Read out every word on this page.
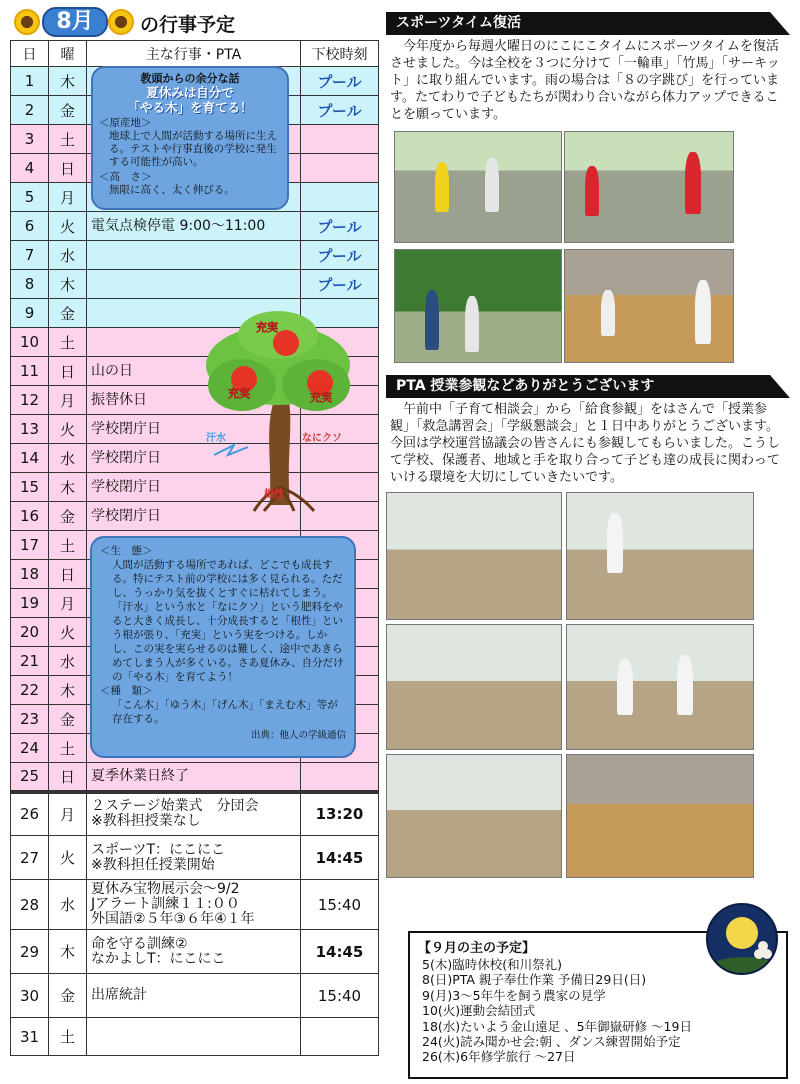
8月	の行事予定
日	曜	主な行事・PTA	下校時刻
1	木		プール
2	金		プール
3	土		
4	日		
5	月		
6	火	電気点検停電 9:00～11:00	プール
7	水		プール
8	木		プール
9	金		
10	土		
11	日	山の日	
12	月	振替休日	
13	火	学校閉庁日	
14	水	学校閉庁日	
15	木	学校閉庁日	
16	金	学校閉庁日	
17	土		
18	日		
19	月		
20	火		
21	水		
22	木		
23	金		
24	土		
25	日	夏季休業日終了	
26	月	２ステージ始業式　分団会
※教科担授業なし	13:20
27	火	スポーツT：にこにこ
※教科担任授業開始	14:45
28	水	夏休み宝物展示会～9/2
Jアラート訓練１１:００
外国語②５年③６年④１年	15:40
29	木	命を守る訓練②
なかよしT：にこにこ	14:45
30	金	出席統計	15:40
31	土		
教頭からの余分な話
夏休みは自分で
「やる木」を育てる！
＜原産地＞
地球上で人間が活動する場所に生える。テストや行事直後の学校に発生する可能性が高い。
＜高　さ＞
無限に高く、太く伸びる。
充実
充実	充実
汗水	なにクソ
根性
＜生　態＞
人間が活動する場所であれば、どこでも成長する。特にテスト前の学校には多く見られる。ただし、うっかり気を抜くとすぐに枯れてしまう。「汗水」という水と「なにクソ」という肥料をやると大きく成長し、十分成長すると「根性」という根が張り、「充実」という実をつける。しかし、この実を実らせるのは難しく、途中であきらめてしまう人が多くいる。さあ夏休み、自分だけの「やる木」を育てよう！
＜種　類＞
「こん木」「ゆう木」「げん木」「まえむ木」等が存在する。
出典：他人の学級通信
スポーツタイム復活

今年度から毎週火曜日のにこにこタイムにスポーツタイムを復活させました。今は全校を３つに分けて「一輪車」「竹馬」「サーキット」に取り組んでいます。雨の場合は「８の字跳び」を行っています。たてわりで子どもたちが関わり合いながら体力アップできることを願っています。

PTA 授業参観などありがとうございます

午前中「子育て相談会」から「給食参観」をはさんで「授業参観」「救急講習会」「学級懇談会」と１日中ありがとうございます。今回は学校運営協議会の皆さんにも参観してもらいました。こうして学校、保護者、地域と手を取り合って子ども達の成長に関わっていける環境を大切にしていきたいです。

【９月の主の予定】
5(木)臨時休校(和川祭礼)
8(日)PTA 親子奉仕作業 予備日29日(日)
9(月)3～5年牛を飼う農家の見学
10(火)運動会結団式
18(水)たいよう金山遠足 、5年御嶽研修 ～19日
24(火)読み聞かせ会:朝 、ダンス練習開始予定
26(木)6年修学旅行 ～27日
